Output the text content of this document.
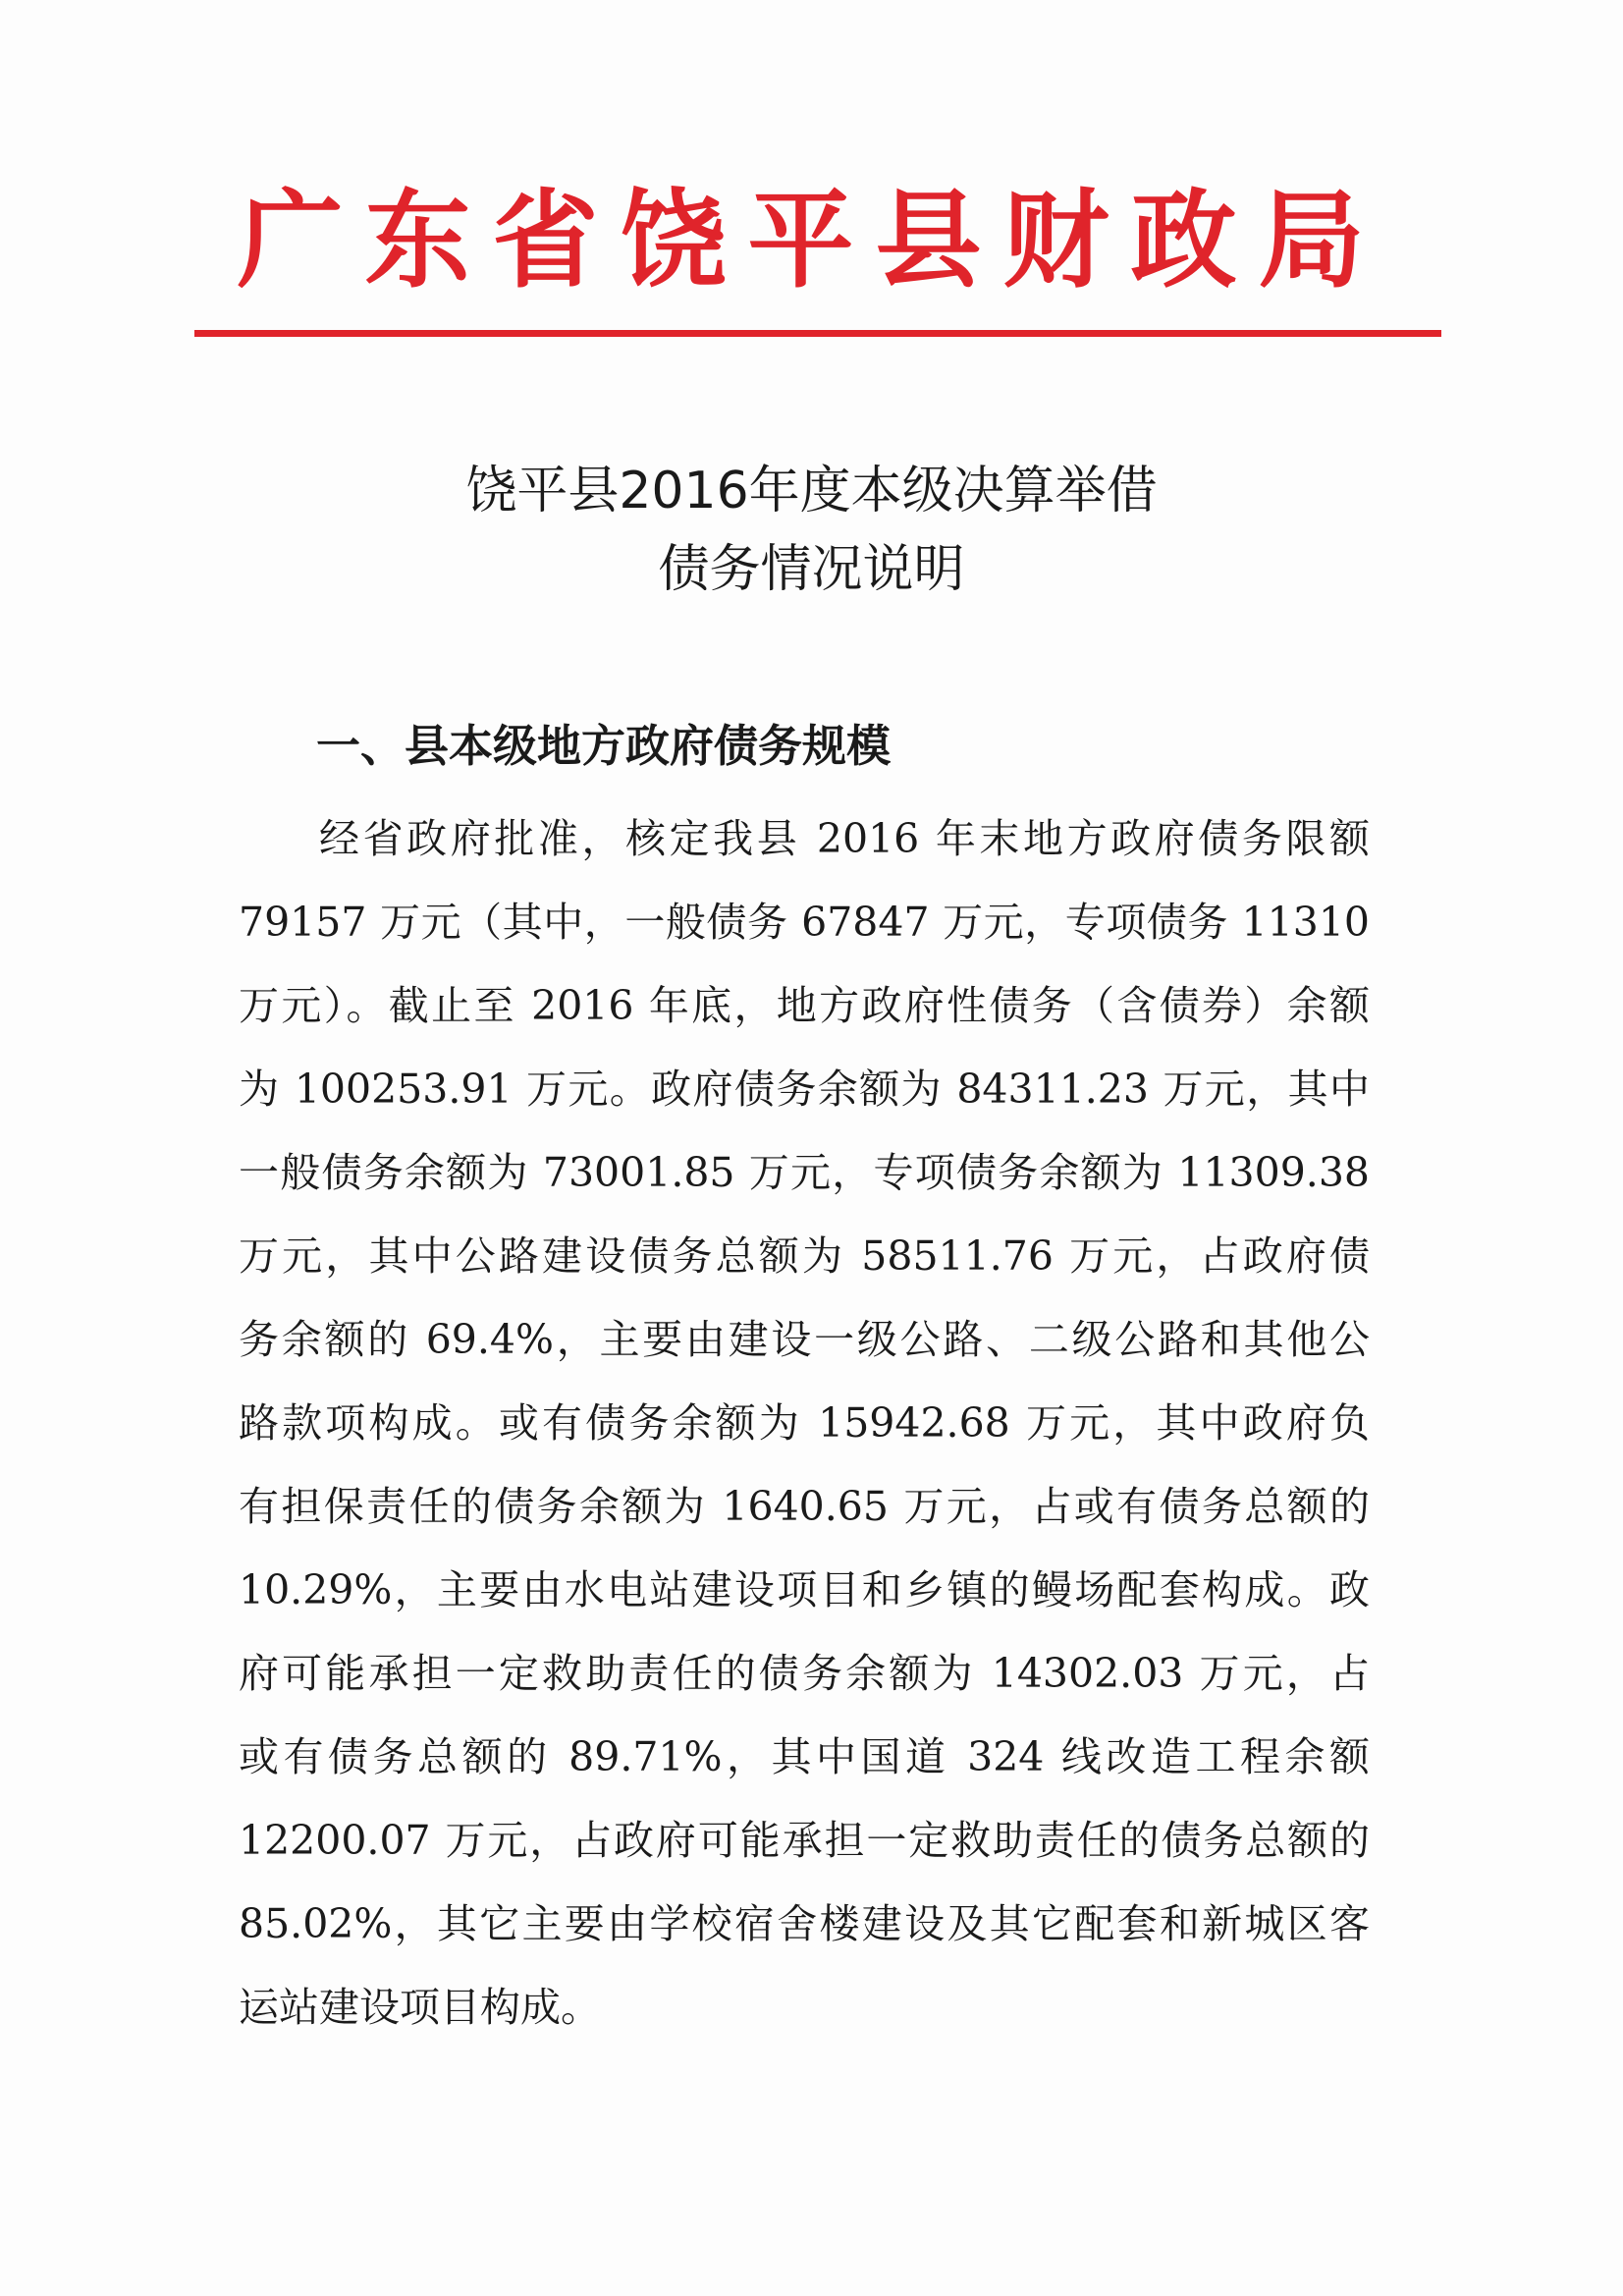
广东省饶平县财政局
饶平县2016年度本级决算举借
债务情况说明
一、县本级地方政府债务规模
经省政府批准，核定我县 2016 年末地方政府债务限额
79157 万元（其中，一般债务 67847 万元，专项债务 11310
万元）。截止至 2016 年底，地方政府性债务（含债券）余额
为 100253.91 万元。政府债务余额为 84311.23 万元，其中
一般债务余额为 73001.85 万元，专项债务余额为 11309.38
万元，其中公路建设债务总额为 58511.76 万元，占政府债
务余额的 69.4%，主要由建设一级公路、二级公路和其他公
路款项构成。或有债务余额为 15942.68 万元，其中政府负
有担保责任的债务余额为 1640.65 万元，占或有债务总额的
10.29%，主要由水电站建设项目和乡镇的鳗场配套构成。政
府可能承担一定救助责任的债务余额为 14302.03 万元，占
或有债务总额的 89.71%，其中国道 324 线改造工程余额
12200.07 万元，占政府可能承担一定救助责任的债务总额的
85.02%，其它主要由学校宿舍楼建设及其它配套和新城区客
运站建设项目构成。
